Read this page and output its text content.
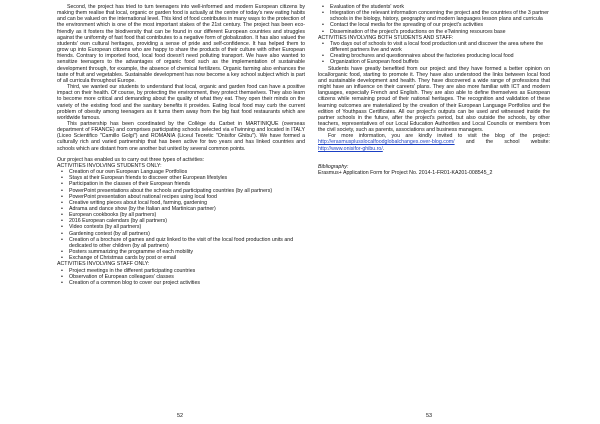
Second, the project has tried to turn teenagers into well-informed and modern European citizens by making them realise that local, organic or garden food is actually at the centre of today's new eating habits and can be valued on the international level. This kind of food contributes in many ways to the protection of the environment which is one of the most important stakes of the 21st century. The project has been eco-friendly as it fosters the biodiversity that can be found in our different European countries and struggles against the uniformity of fast food that contributes to a negative form of globalization. It has also valued the students' own cultural heritages, providing a sense of pride and self-confidence. It has helped them to grow up into European citizens who are happy to share the products of their culture with other European friends. Contrary to imported food, local food doesn't need polluting transport. We have also wanted to sensitize teenagers to the advantages of organic food such as the implementation of sustainable development through, for example, the absence of chemical fertilizers. Organic farming also enhances the taste of fruit and vegetables. Sustainable development has now become a key school subject which is part of all curricula throughout Europe.

Third, we wanted our students to understand that local, organic and garden food can have a positive impact on their health. Of course, by protecting the environment, they protect themselves. They also learn to become more critical and demanding about the quality of what they eat. They open their minds on the variety of the existing food and the sanitary benefits it provides. Eating local food may curb the current problem of obesity among teenagers as it turns them away from the big fast food restaurants which are worldwide famous.

This partnership has been coordinated by the Collège du Carbet in MARTINIQUE (overseas department of FRANCE) and comprises participating schools selected via eTwinning and located in ITALY (Liceo Scientifico "Camillo Golgi") and ROMANIA (Liceul Teoretic "Onisifor Ghibu"). We have formed a culturally rich and varied partnership that has been active for two years and has linked countries and schools which are distant from one another but united by several common points.

Our project has enabled us to carry out three types of activities:

ACTIVITIES INVOLVING STUDENTS ONLY:

• Creation of our own European Language Portfolios
• Stays at their European friends to discover other European lifestyles
• Participation in the classes of their European friends
• PowerPoint presentations about the schools and participating countries (by all partners)
• PowerPoint presentation about national recipes using local food
• Creative writing pieces about local food, farming, gardening
• Adrama and dance show (by the Italian and Martinican partner)
• European cookbooks (by all partners)
• 2016 European calendars (by all partners)
• Video contests (by all partners)
• Gardening contest (by all partners)
• Creation of a brochure of games and quiz linked to the visit of the local food production units and dedicated to other children (by all partners)
• Posters summarizing the programme of each mobility
• Exchange of Christmas cards by post or email

ACTIVITIES INVOLVING STAFF ONLY:

• Project meetings in the different participating countries
• Observation of European colleagues' classes
• Creation of a common blog to cover our project activities
52
• Evaluation of the students' work
• Integration of the relevant information concerning the project and the countries of the 3 partner schools in the biology, history, geography and modern languages lesson plans and curricula
• Contact the local media for the spreading of our project's activities
• Dissemination of the project's productions on the eTwinning resources base

ACTIVITIES INVOLVING BOTH STUDENTS AND STAFF:

• Two days out of schools to visit a local food production unit and discover the area where the different partners live and work
• Creating brochures and questionnaires about the factories producing local food
• Organization of European food buffets

Students have greatly benefited from our project and they have formed a better opinion on local/organic food, starting to promote it. They have also understood the links between local food and sustainable development and health. They have discovered a wide range of professions that might have an influence on their careers' plans. They are also more familiar with ICT and modern languages, especially French and English. They are also able to define themselves as European citizens while remaining proud of their national heritages. The recognition and validation of these learning outcomes are materialized by the creation of their European Language Portfolios and the edition of Youthpass Certificates. All our project's outputs can be used and witnessed inside the partner schools in the future, after the project's period, but also outside the schools, by other teachers, representatives of our Local Education Authorities and Local Councils or members from the civil society, such as parents, associations and business managers.

For more information, you are kindly invited to visit the blog of the project: http://erasmusplusslocalfoodglobalchanges.over-blog.com/ and the school website: http://www.onisifor-ghibu.ro/.

Bibliography:

Erasmus+ Application Form for Project No. 2014-1-FR01-KA201-008545_2

53
